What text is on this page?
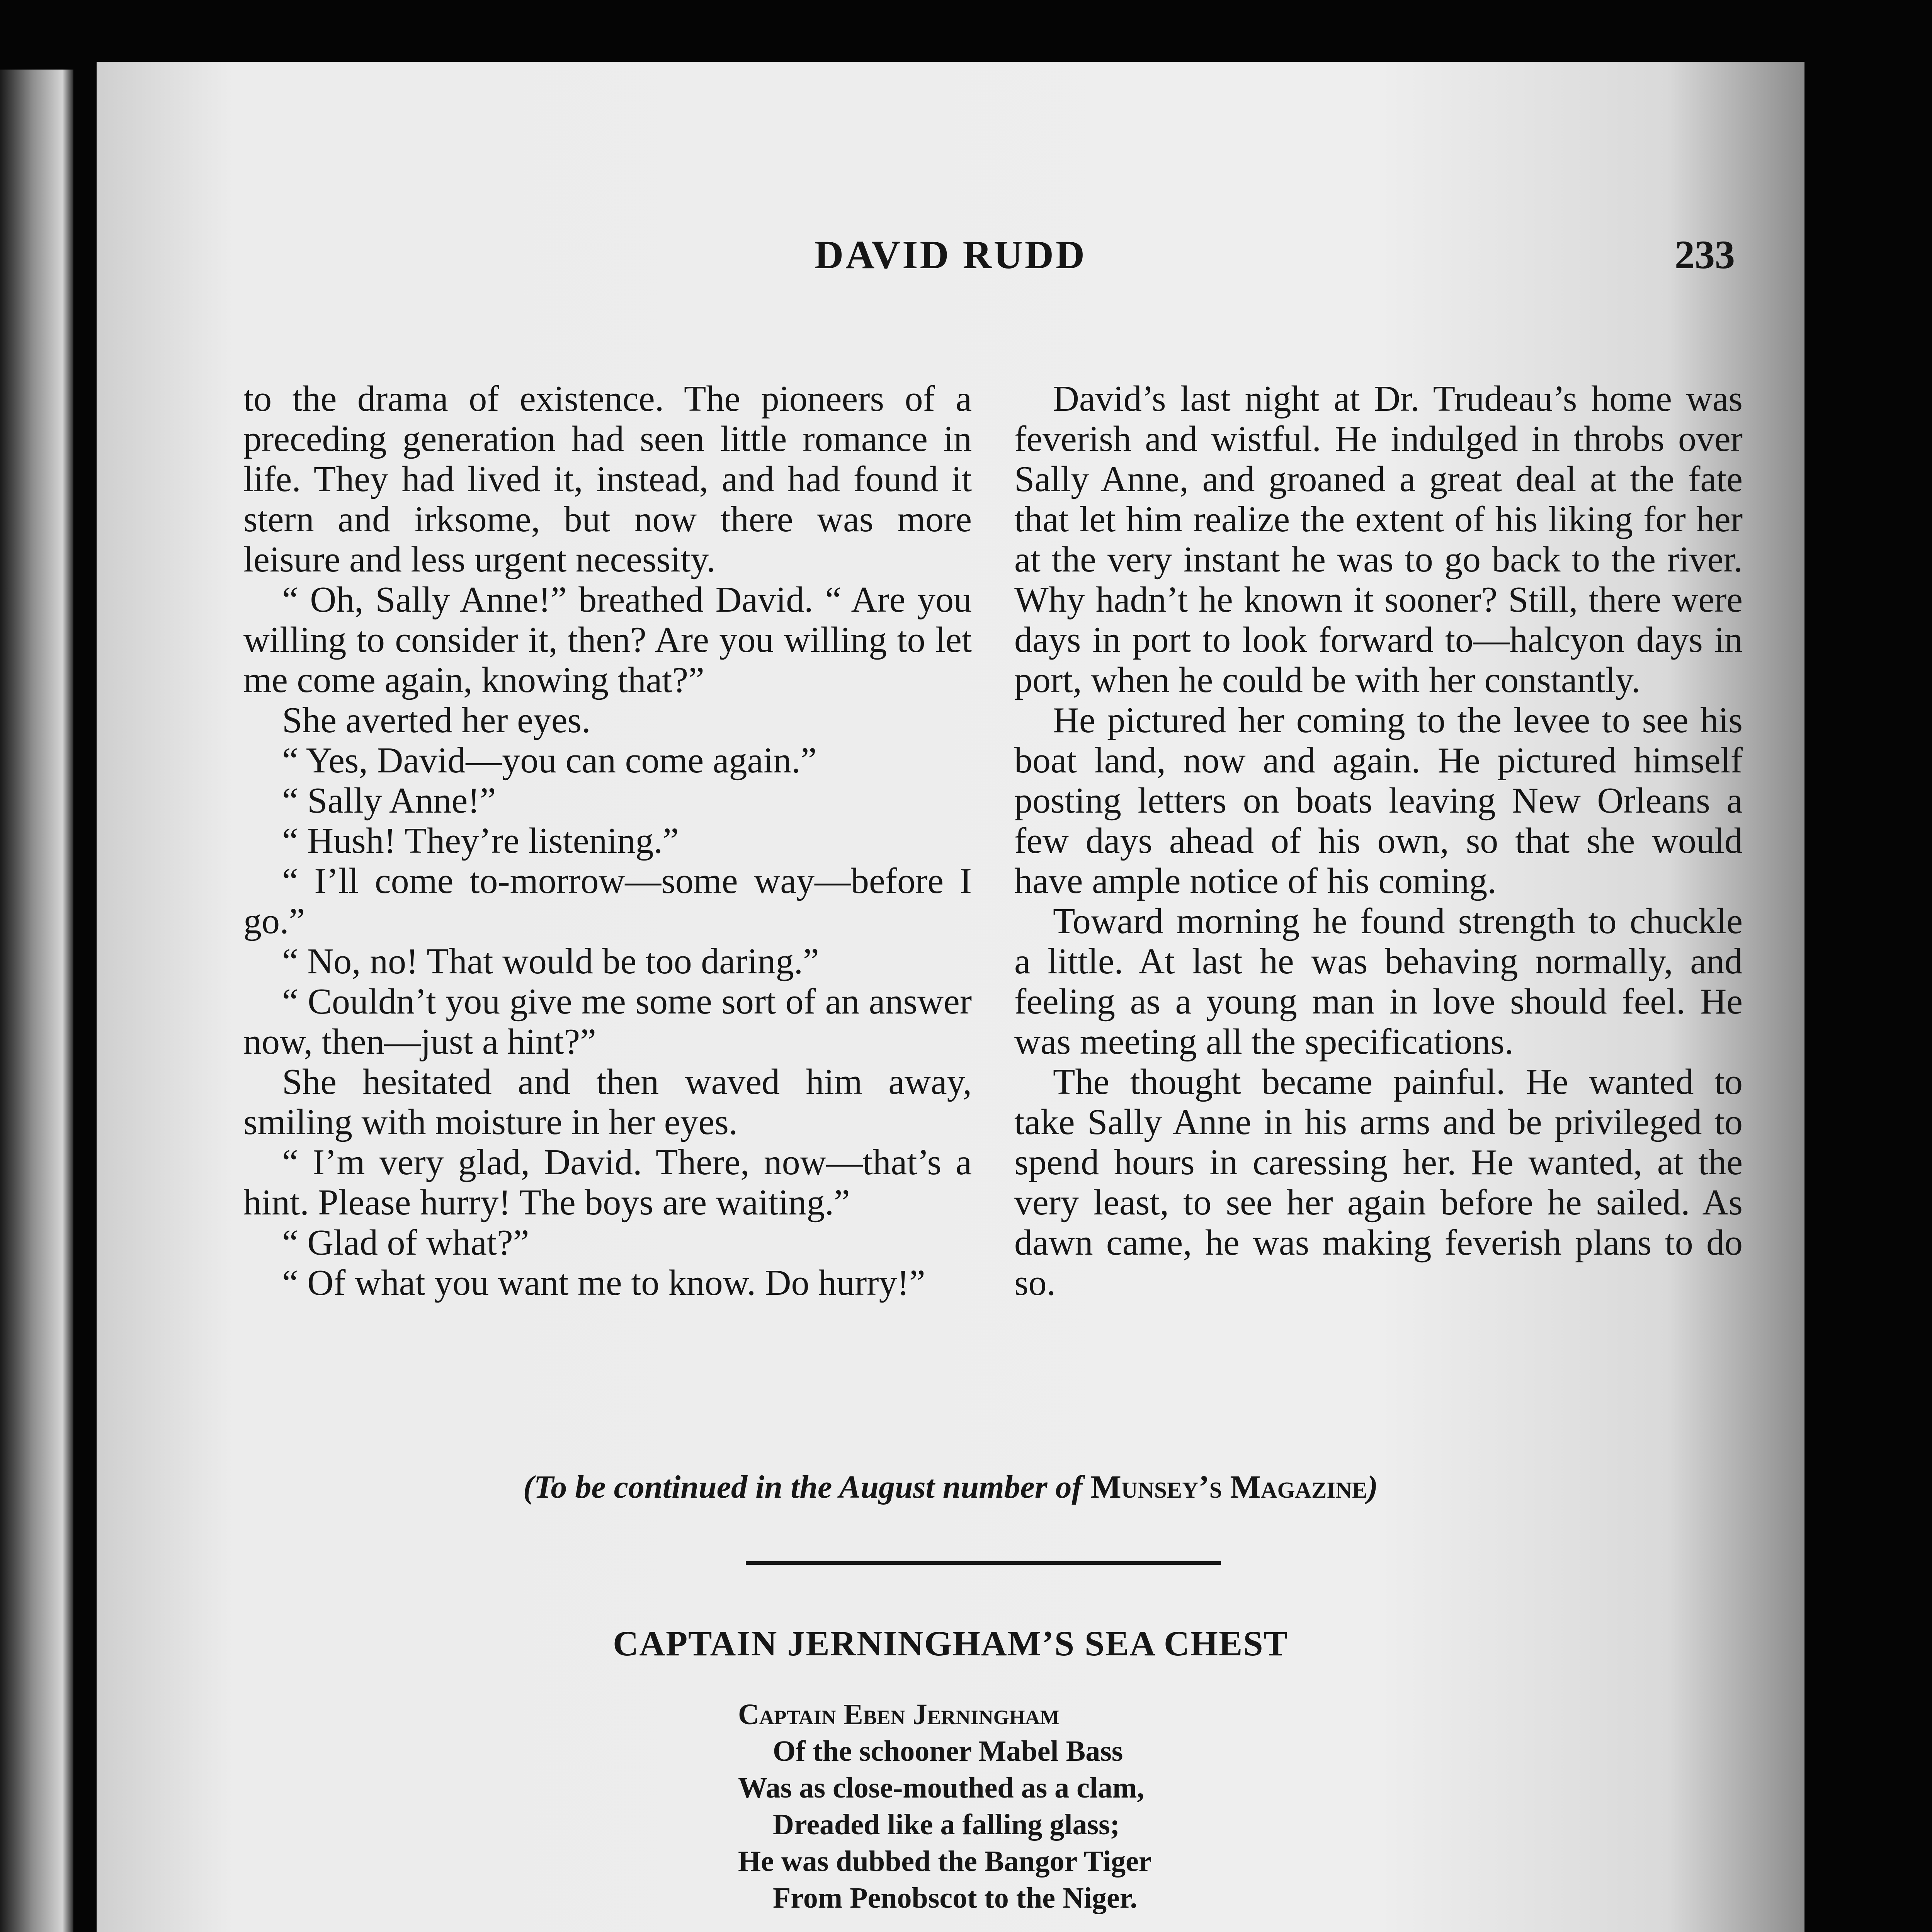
DAVID RUDD	233

to the drama of existence. The pioneers of a preceding generation had seen little romance in life. They had lived it, instead, and had found it stern and irksome, but now there was more leisure and less urgent necessity.

“ Oh, Sally Anne!” breathed David. “ Are you willing to consider it, then? Are you willing to let me come again, knowing that?”

She averted her eyes.

“ Yes, David—you can come again.”

“ Sally Anne!”

“ Hush! They’re listening.”

“ I’ll come to-morrow—some way—before I go.”

“ No, no! That would be too daring.”

“ Couldn’t you give me some sort of an answer now, then—just a hint?”

She hesitated and then waved him away, smiling with moisture in her eyes.

“ I’m very glad, David. There, now—that’s a hint. Please hurry! The boys are waiting.”

“ Glad of what?”

“ Of what you want me to know. Do hurry!”

David’s last night at Dr. Trudeau’s home was feverish and wistful. He indulged in throbs over Sally Anne, and groaned a great deal at the fate that let him realize the extent of his liking for her at the very instant he was to go back to the river. Why hadn’t he known it sooner? Still, there were days in port to look forward to—halcyon days in port, when he could be with her constantly.

He pictured her coming to the levee to see his boat land, now and again. He pictured himself posting letters on boats leaving New Orleans a few days ahead of his own, so that she would have ample notice of his coming.

Toward morning he found strength to chuckle a little. At last he was behaving normally, and feeling as a young man in love should feel. He was meeting all the specifications.

The thought became painful. He wanted to take Sally Anne in his arms and be privileged to spend hours in caressing her. He wanted, at the very least, to see her again before he sailed. As dawn came, he was making feverish plans to do so.

(To be continued in the August number of Munsey’s Magazine)
CAPTAIN JERNINGHAM’S SEA CHEST
Captain Eben Jerningham
Of the schooner Mabel Bass
Was as close-mouthed as a clam,
Dreaded like a falling glass;
He was dubbed the Bangor Tiger
From Penobscot to the Niger.
